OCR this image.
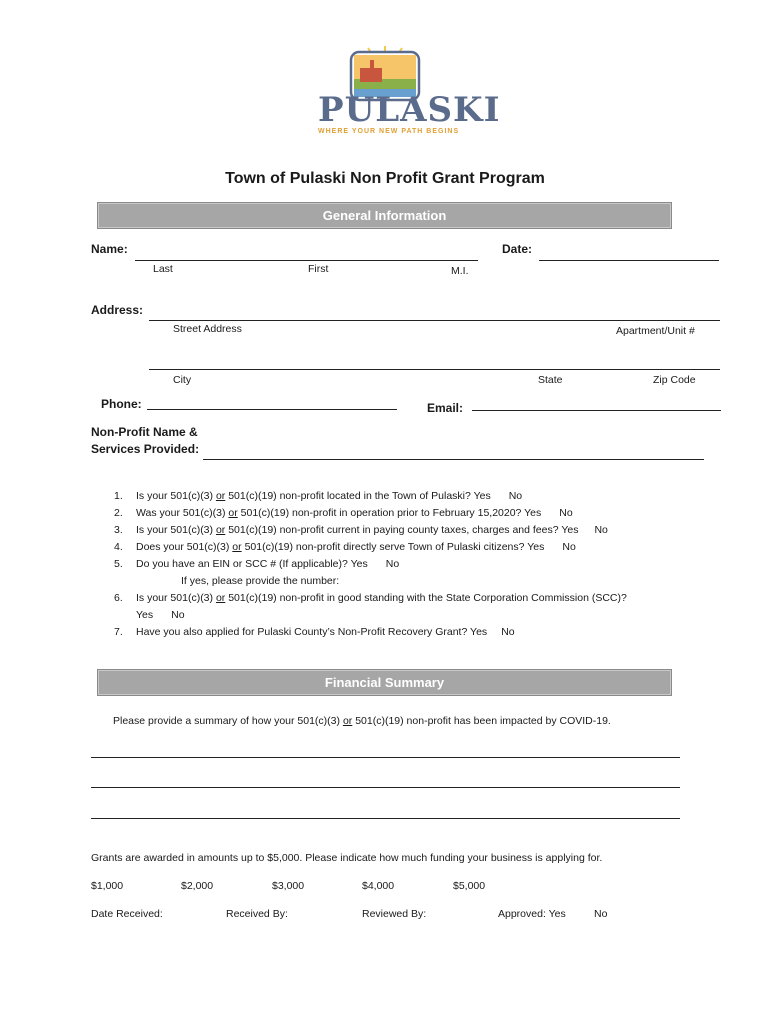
PULASKI
WHERE YOUR NEW PATH BEGINS
Town of Pulaski Non Profit Grant Program
General Information
Name:	Date:
Last	First	M.I.
Address:
Street Address	Apartment/Unit #
City	State	Zip Code
Phone:	Email:
Non-Profit Name &
Services Provided:
1. Is your 501(c)(3) or 501(c)(19) non-profit located in the Town of Pulaski? Yes No
2. Was your 501(c)(3) or 501(c)(19) non-profit in operation prior to February 15,2020? Yes No
3. Is your 501(c)(3) or 501(c)(19) non-profit current in paying county taxes, charges and fees? Yes No
4. Does your 501(c)(3) or 501(c)(19) non-profit directly serve Town of Pulaski citizens? Yes No
5. Do you have an EIN or SCC # (If applicable)? Yes No
If yes, please provide the number:
6. Is your 501(c)(3) or 501(c)(19) non-profit in good standing with the State Corporation Commission (SCC)?
Yes No
7. Have you also applied for Pulaski County’s Non-Profit Recovery Grant? Yes No
Financial Summary
Please provide a summary of how your 501(c)(3) or 501(c)(19) non-profit has been impacted by COVID-19.
Grants are awarded in amounts up to $5,000. Please indicate how much funding your business is applying for.
$1,000	$2,000	$3,000	$4,000	$5,000
Date Received:	Received By:	Reviewed By:	Approved: Yes	No
